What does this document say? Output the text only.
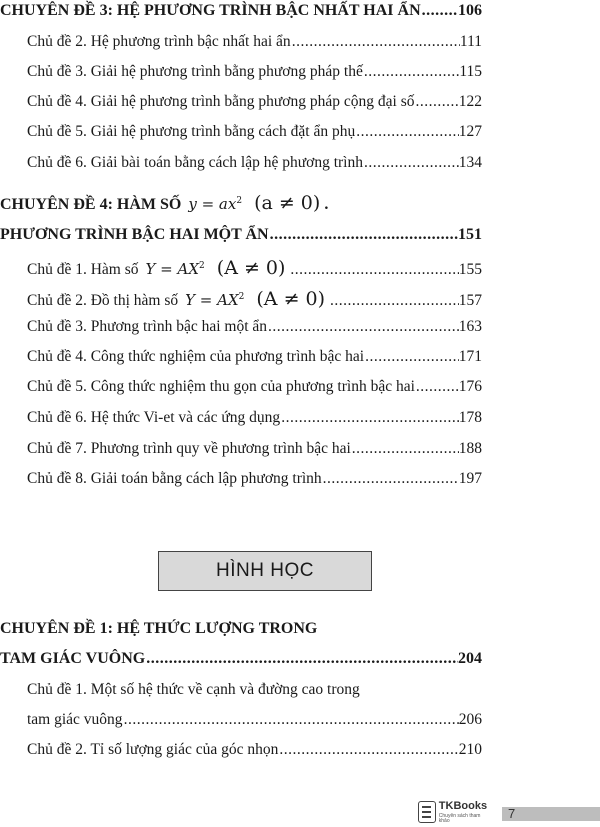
CHUYÊN ĐỀ 3: HỆ PHƯƠNG TRÌNH BẬC NHẤT HAI ẨN ..... 106
Chủ đề 2. Hệ phương trình bậc nhất hai ẩn .....	111
Chủ đề 3. Giải hệ phương trình bằng phương pháp thế .....	115
Chủ đề 4. Giải hệ phương trình bằng phương pháp cộng đại số .....	122
Chủ đề 5. Giải hệ phương trình bằng cách đặt ẩn phụ .....	127
Chủ đề 6. Giải bài toán bằng cách lập hệ phương trình .....	134
CHUYÊN ĐỀ 4: HÀM SỐ $y = ax^2$ (a ≠ 0) .
PHƯƠNG TRÌNH BẬC HAI MỘT ẨN .....	151
Chủ đề 1. Hàm số $Y = AX^2$ (A ≠ 0) .....	155
Chủ đề 2. Đồ thị hàm số $Y = AX^2$ (A ≠ 0) .....	157
Chủ đề 3. Phương trình bậc hai một ẩn .....	163
Chủ đề 4. Công thức nghiệm của phương trình bậc hai .....	171
Chủ đề 5. Công thức nghiệm thu gọn của phương trình bậc hai .....	176
Chủ đề 6. Hệ thức Vi-et và các ứng dụng .....	178
Chủ đề 7. Phương trình quy về phương trình bậc hai .....	188
Chủ đề 8. Giải toán bằng cách lập phương trình .....	197
HÌNH HỌC
CHUYÊN ĐỀ 1: HỆ THỨC LƯỢNG TRONG
TAM GIÁC VUÔNG .....	204
Chủ đề 1. Một số hệ thức về cạnh và đường cao trong
tam giác vuông .....	206
Chủ đề 2. Tỉ số lượng giác của góc nhọn .....	210
TKBooks
Chuyên sách tham khảo	7
